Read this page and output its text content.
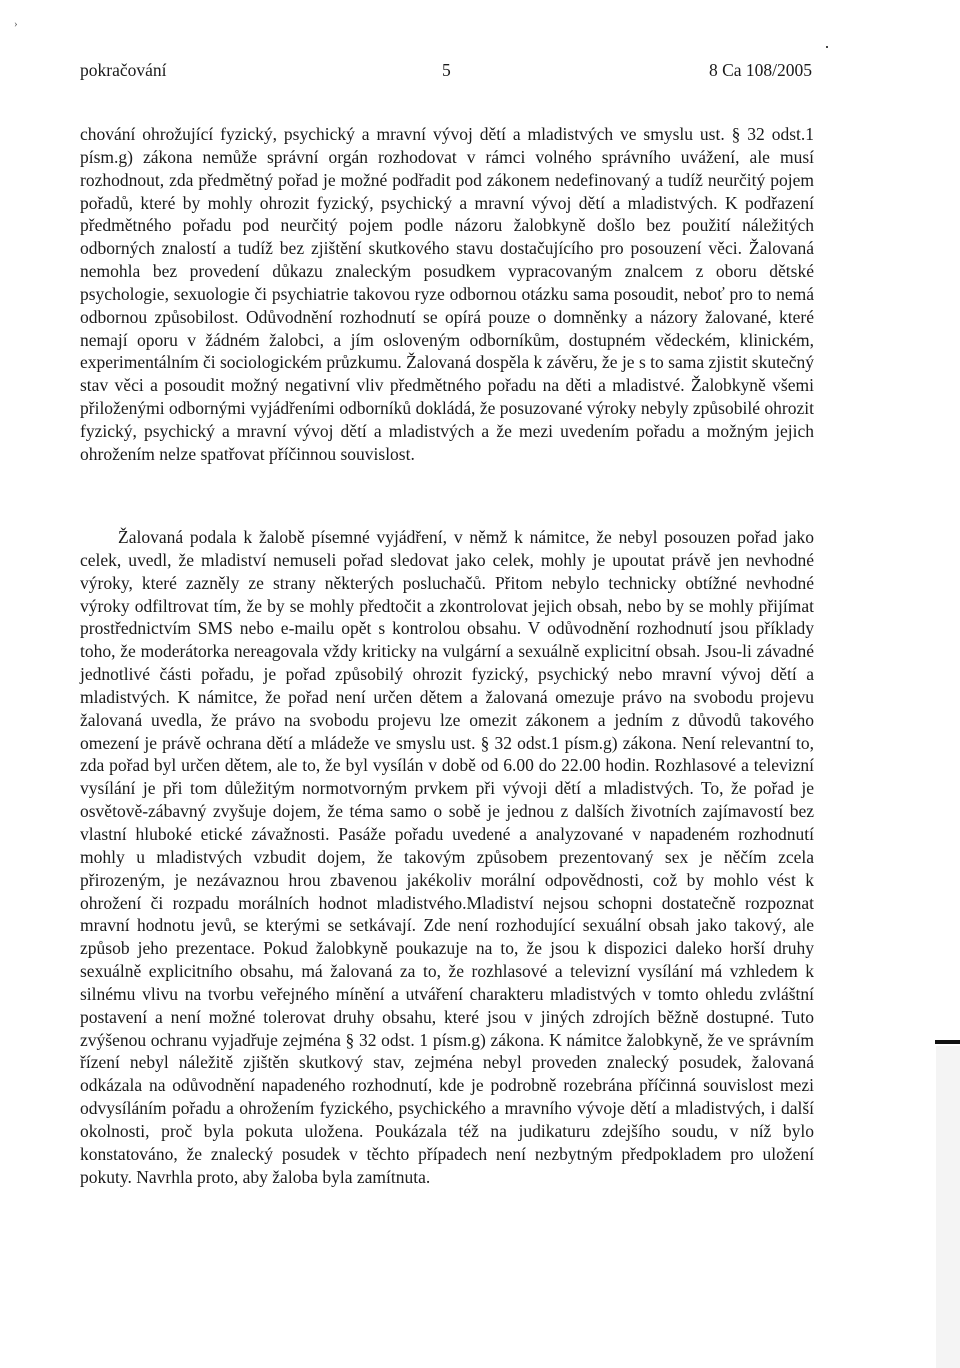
›
pokračování	5	8 Ca 108/2005

chování ohrožující fyzický, psychický a mravní vývoj dětí a mladistvých ve smyslu ust. § 32 odst.1 písm.g) zákona nemůže správní orgán rozhodovat v rámci volného správního uvážení, ale musí rozhodnout, zda předmětný pořad je možné podřadit pod zákonem nedefinovaný a tudíž neurčitý pojem pořadů, které by mohly ohrozit fyzický, psychický a mravní vývoj dětí a mladistvých. K podřazení předmětného pořadu pod neurčitý pojem podle názoru žalobkyně došlo bez použití náležitých odborných znalostí a tudíž bez zjištění skutkového stavu dostačujícího pro posouzení věci. Žalovaná nemohla bez provedení důkazu znaleckým posudkem vypracovaným znalcem z oboru dětské psychologie, sexuologie či psychiatrie takovou ryze odbornou otázku sama posoudit, neboť pro to nemá odbornou způsobilost. Odůvodnění rozhodnutí se opírá pouze o domněnky a názory žalované, které nemají oporu v žádném žalobci, a jím osloveným odborníkům, dostupném vědeckém, klinickém, experimentálním či sociologickém průzkumu. Žalovaná dospěla k závěru, že je s to sama zjistit skutečný stav věci a posoudit možný negativní vliv předmětného pořadu na děti a mladistvé. Žalobkyně všemi přiloženými odbornými vyjádřeními odborníků dokládá, že posuzované výroky nebyly způsobilé ohrozit fyzický, psychický a mravní vývoj dětí a mladistvých a že mezi uvedením pořadu a možným jejich ohrožením nelze spatřovat příčinnou souvislost.

Žalovaná podala k žalobě písemné vyjádření, v němž k námitce, že nebyl posouzen pořad jako celek, uvedl, že mladiství nemuseli pořad sledovat jako celek, mohly je upoutat právě jen nevhodné výroky, které zazněly ze strany některých posluchačů. Přitom nebylo technicky obtížné nevhodné výroky odfiltrovat tím, že by se mohly předtočit a zkontrolovat jejich obsah, nebo by se mohly přijímat prostřednictvím SMS nebo e-mailu opět s kontrolou obsahu. V odůvodnění rozhodnutí jsou příklady toho, že moderátorka nereagovala vždy kriticky na vulgární a sexuálně explicitní obsah. Jsou-li závadné jednotlivé části pořadu, je pořad způsobilý ohrozit fyzický, psychický nebo mravní vývoj dětí a mladistvých. K námitce, že pořad není určen dětem a žalovaná omezuje právo na svobodu projevu žalovaná uvedla, že právo na svobodu projevu lze omezit zákonem a jedním z důvodů takového omezení je právě ochrana dětí a mládeže ve smyslu ust. § 32 odst.1 písm.g) zákona. Není relevantní to, zda pořad byl určen dětem, ale to, že byl vysílán v době od 6.00 do 22.00 hodin. Rozhlasové a televizní vysílání je při tom důležitým normotvorným prvkem při vývoji dětí a mladistvých. To, že pořad je osvětově-zábavný zvyšuje dojem, že téma samo o sobě je jednou z dalších životních zajímavostí bez vlastní hluboké etické závažnosti. Pasáže pořadu uvedené a analyzované v napadeném rozhodnutí mohly u mladistvých vzbudit dojem, že takovým způsobem prezentovaný sex je něčím zcela přirozeným, je nezávaznou hrou zbavenou jakékoliv morální odpovědnosti, což by mohlo vést k ohrožení či rozpadu morálních hodnot mladistvého.Mladiství nejsou schopni dostatečně rozpoznat mravní hodnotu jevů, se kterými se setkávají. Zde není rozhodující sexuální obsah jako takový, ale způsob jeho prezentace. Pokud žalobkyně poukazuje na to, že jsou k dispozici daleko horší druhy sexuálně explicitního obsahu, má žalovaná za to, že rozhlasové a televizní vysílání má vzhledem k silnému vlivu na tvorbu veřejného mínění a utváření charakteru mladistvých v tomto ohledu zvláštní postavení a není možné tolerovat druhy obsahu, které jsou v jiných zdrojích běžně dostupné. Tuto zvýšenou ochranu vyjadřuje zejména § 32 odst. 1 písm.g) zákona. K námitce žalobkyně, že ve správním řízení nebyl náležitě zjištěn skutkový stav, zejména nebyl proveden znalecký posudek, žalovaná odkázala na odůvodnění napadeného rozhodnutí, kde je podrobně rozebrána příčinná souvislost mezi odvysíláním pořadu a ohrožením fyzického, psychického a mravního vývoje dětí a mladistvých, i další okolnosti, proč byla pokuta uložena. Poukázala též na judikaturu zdejšího soudu, v níž bylo konstatováno, že znalecký posudek v těchto případech není nezbytným předpokladem pro uložení pokuty. Navrhla proto, aby žaloba byla zamítnuta.
